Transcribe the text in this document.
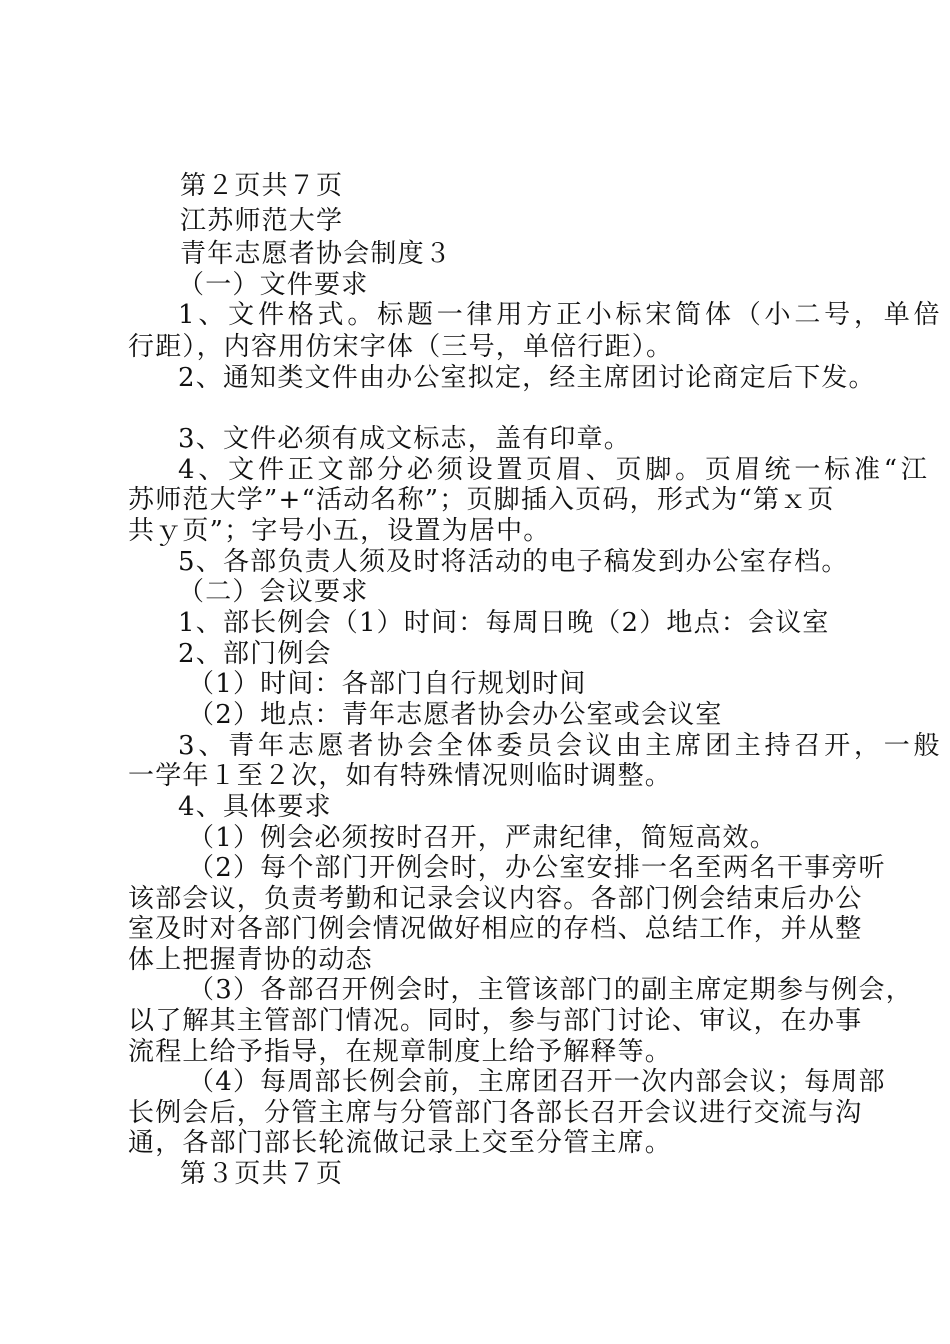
第２页共７页
江苏师范大学
青年志愿者协会制度３
（一）文件要求
1、文件格式。标题一律用方正小标宋简体（小二号，单倍
行距），内容用仿宋字体（三号，单倍行距）。
2、通知类文件由办公室拟定，经主席团讨论商定后下发。
3、文件必须有成文标志，盖有印章。
4、文件正文部分必须设置页眉、页脚。页眉统一标准“江
苏师范大学”+“活动名称”；页脚插入页码，形式为“第ｘ页
共ｙ页”；字号小五，设置为居中。
5、各部负责人须及时将活动的电子稿发到办公室存档。
（二）会议要求
1、部长例会（1）时间：每周日晚（2）地点：会议室
2、部门例会
（1）时间：各部门自行规划时间
（2）地点：青年志愿者协会办公室或会议室
3、青年志愿者协会全体委员会议由主席团主持召开，一般
一学年１至２次，如有特殊情况则临时调整。
4、具体要求
（1）例会必须按时召开，严肃纪律，简短高效。
（2）每个部门开例会时，办公室安排一名至两名干事旁听
该部会议，负责考勤和记录会议内容。各部门例会结束后办公
室及时对各部门例会情况做好相应的存档、总结工作，并从整
体上把握青协的动态
（3）各部召开例会时，主管该部门的副主席定期参与例会，
以了解其主管部门情况。同时，参与部门讨论、审议，在办事
流程上给予指导，在规章制度上给予解释等。
（4）每周部长例会前，主席团召开一次内部会议；每周部
长例会后，分管主席与分管部门各部长召开会议进行交流与沟
通，各部门部长轮流做记录上交至分管主席。
第３页共７页
